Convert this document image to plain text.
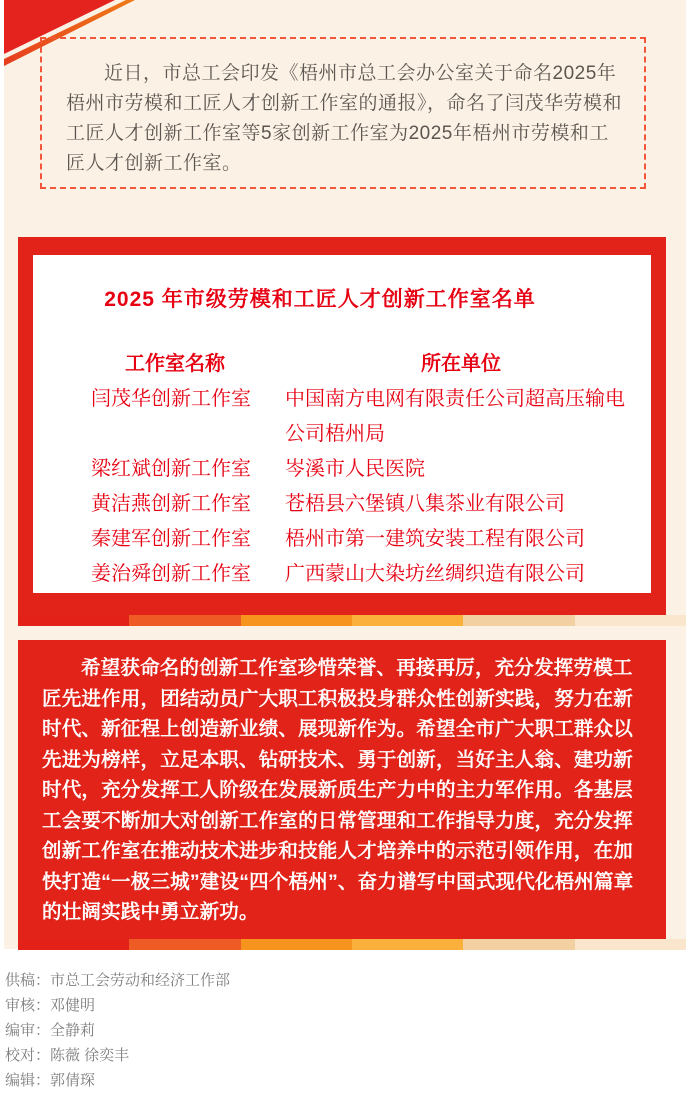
近日，市总工会印发《梧州市总工会办公室关于命名2025年梧州市劳模和工匠人才创新工作室的通报》，命名了闫茂华劳模和工匠人才创新工作室等5家创新工作室为2025年梧州市劳模和工匠人才创新工作室。

2025 年市级劳模和工匠人才创新工作室名单
工作室名称	所在单位
闫茂华创新工作室	中国南方电网有限责任公司超高压输电公司梧州局
梁红斌创新工作室	岑溪市人民医院
黄洁燕创新工作室	苍梧县六堡镇八集茶业有限公司
秦建军创新工作室	梧州市第一建筑安装工程有限公司
姜治舜创新工作室	广西蒙山大染坊丝绸织造有限公司

希望获命名的创新工作室珍惜荣誉、再接再厉，充分发挥劳模工匠先进作用，团结动员广大职工积极投身群众性创新实践，努力在新时代、新征程上创造新业绩、展现新作为。希望全市广大职工群众以先进为榜样，立足本职、钻研技术、勇于创新，当好主人翁、建功新时代，充分发挥工人阶级在发展新质生产力中的主力军作用。各基层工会要不断加大对创新工作室的日常管理和工作指导力度，充分发挥创新工作室在推动技术进步和技能人才培养中的示范引领作用，在加快打造“一极三城”建设“四个梧州”、奋力谱写中国式现代化梧州篇章的壮阔实践中勇立新功。

供稿：市总工会劳动和经济工作部
审核：邓健明
编审：全静莉
校对：陈薇 徐奕丰
编辑：郭倩琛
